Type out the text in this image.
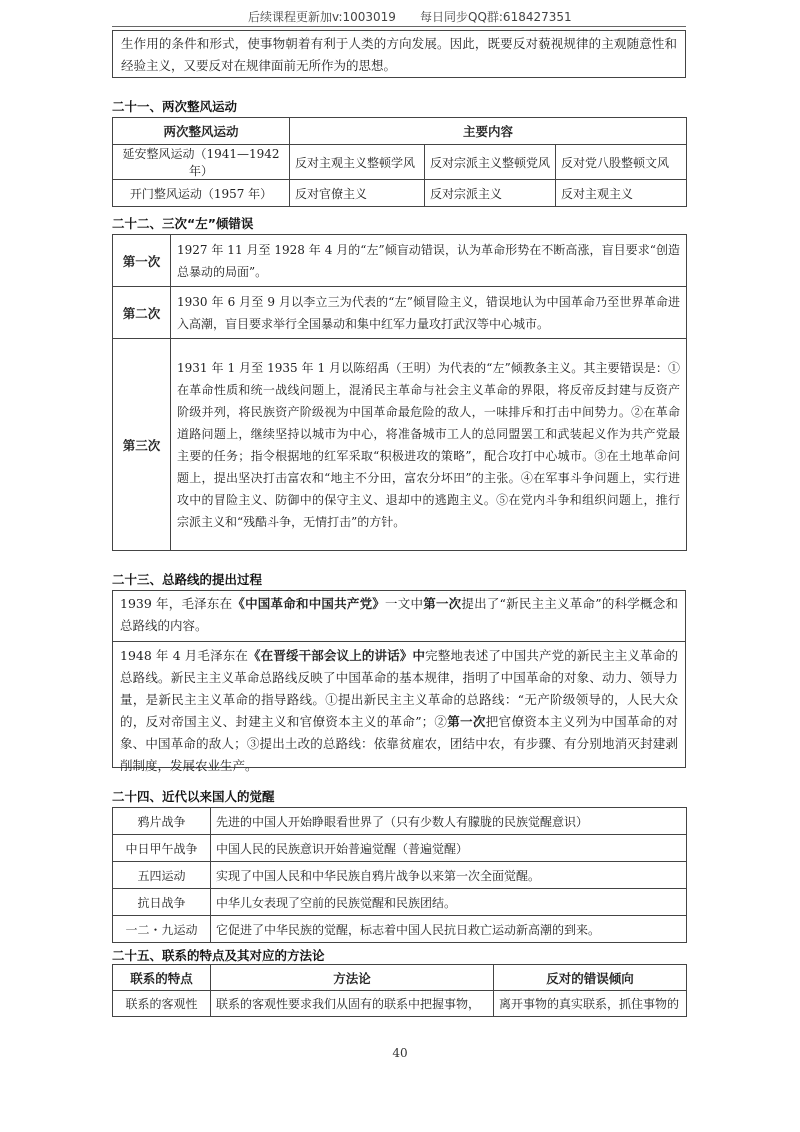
后续课程更新加v:1003019 每日同步QQ群:618427351

生作用的条件和形式，使事物朝着有利于人类的方向发展。因此，既要反对藐视规律的主观随意性和经验主义，又要反对在规律面前无所作为的思想。

二十一、两次整风运动
两次整风运动	主要内容		
延安整风运动（1941—1942 年）	反对主观主义整顿学风	反对宗派主义整顿党风	反对党八股整顿文风
开门整风运动（1957 年）	反对官僚主义	反对宗派主义	反对主观主义
二十二、三次“左”倾错误
第一次	1927 年 11 月至 1928 年 4 月的“左”倾盲动错误，认为革命形势在不断高涨，盲目要求“创造总暴动的局面”。
第二次	1930 年 6 月至 9 月以李立三为代表的“左”倾冒险主义，错误地认为中国革命乃至世界革命进入高潮，盲目要求举行全国暴动和集中红军力量攻打武汉等中心城市。
第三次	1931 年 1 月至 1935 年 1 月以陈绍禹（王明）为代表的“左”倾教条主义。其主要错误是：①在革命性质和统一战线问题上，混淆民主革命与社会主义革命的界限，将反帝反封建与反资产阶级并列，将民族资产阶级视为中国革命最危险的敌人，一味排斥和打击中间势力。②在革命道路问题上，继续坚持以城市为中心，将准备城市工人的总同盟罢工和武装起义作为共产党最主要的任务；指令根据地的红军采取“积极进攻的策略”，配合攻打中心城市。③在土地革命问题上，提出坚决打击富农和“地主不分田，富农分坏田”的主张。④在军事斗争问题上，实行进攻中的冒险主义、防御中的保守主义、退却中的逃跑主义。⑤在党内斗争和组织问题上，推行宗派主义和“残酷斗争，无情打击”的方针。
二十三、总路线的提出过程

1939 年，毛泽东在《中国革命和中国共产党》一文中第一次提出了“新民主主义革命”的科学概念和总路线的内容。

1948 年 4 月毛泽东在《在晋绥干部会议上的讲话》中完整地表述了中国共产党的新民主主义革命的总路线。新民主主义革命总路线反映了中国革命的基本规律，指明了中国革命的对象、动力、领导力量，是新民主主义革命的指导路线。①提出新民主主义革命的总路线：“无产阶级领导的，人民大众的，反对帝国主义、封建主义和官僚资本主义的革命”；②第一次把官僚资本主义列为中国革命的对象、中国革命的敌人；③提出土改的总路线：依靠贫雇农，团结中农，有步骤、有分别地消灭封建剥削制度，发展农业生产。

二十四、近代以来国人的觉醒
鸦片战争	先进的中国人开始睁眼看世界了（只有少数人有朦胧的民族觉醒意识）
中日甲午战争	中国人民的民族意识开始普遍觉醒（普遍觉醒）
五四运动	实现了中国人民和中华民族自鸦片战争以来第一次全面觉醒。
抗日战争	中华儿女表现了空前的民族觉醒和民族团结。
一二・九运动	它促进了中华民族的觉醒，标志着中国人民抗日救亡运动新高潮的到来。
二十五、联系的特点及其对应的方法论
联系的特点	方法论	反对的错误倾向
联系的客观性	联系的客观性要求我们从固有的联系中把握事物，	离开事物的真实联系，抓住事物的
40
